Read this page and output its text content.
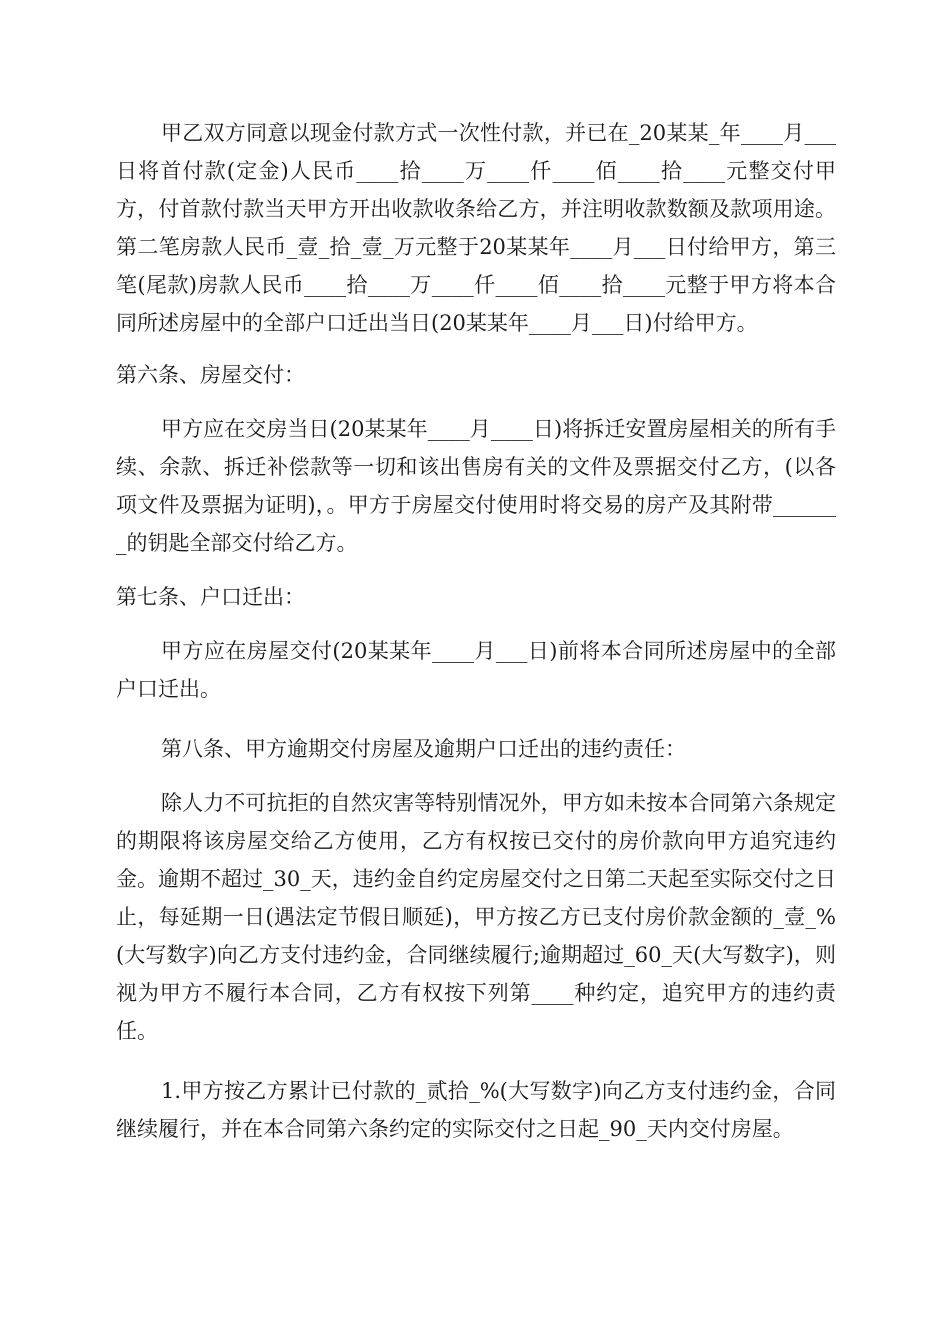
甲乙双方同意以现金付款方式一次性付款，并已在_20某某_年____月___日将首付款(定金)人民币____拾____万____仟____佰____拾____元整交付甲方，付首款付款当天甲方开出收款收条给乙方，并注明收款数额及款项用途。第二笔房款人民币_壹_拾_壹_万元整于20某某年____月___日付给甲方，第三笔(尾款)房款人民币____拾____万____仟____佰____拾____元整于甲方将本合同所述房屋中的全部户口迁出当日(20某某年____月___日)付给甲方。

第六条、房屋交付：

甲方应在交房当日(20某某年____月____日)将拆迁安置房屋相关的所有手续、余款、拆迁补偿款等一切和该出售房有关的文件及票据交付乙方，(以各项文件及票据为证明)，。甲方于房屋交付使用时将交易的房产及其附带_______的钥匙全部交付给乙方。

第七条、户口迁出：

甲方应在房屋交付(20某某年____月___日)前将本合同所述房屋中的全部户口迁出。

第八条、甲方逾期交付房屋及逾期户口迁出的违约责任：

除人力不可抗拒的自然灾害等特别情况外，甲方如未按本合同第六条规定的期限将该房屋交给乙方使用，乙方有权按已交付的房价款向甲方追究违约金。逾期不超过_30_天，违约金自约定房屋交付之日第二天起至实际交付之日止，每延期一日(遇法定节假日顺延)，甲方按乙方已支付房价款金额的_壹_%(大写数字)向乙方支付违约金，合同继续履行;逾期超过_60_天(大写数字)，则视为甲方不履行本合同，乙方有权按下列第____种约定，追究甲方的违约责任。

1.甲方按乙方累计已付款的_贰拾_%(大写数字)向乙方支付违约金，合同继续履行，并在本合同第六条约定的实际交付之日起_90_天内交付房屋。
